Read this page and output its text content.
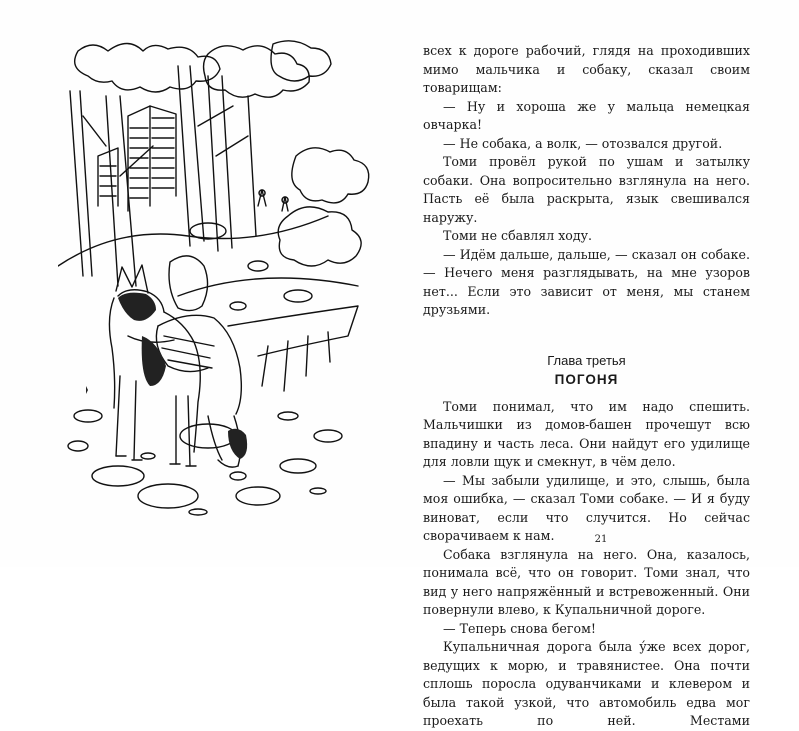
всех к дороге рабочий, глядя на проходивших мимо мальчика и собаку, сказал своим товарищам:

— Ну и хороша же у мальца немецкая овчарка!

— Не собака, а волк, — отозвался другой.

Томи провёл рукой по ушам и затылку собаки. Она вопросительно взглянула на него. Пасть её была раскрыта, язык свешивался наружу.

Томи не сбавлял ходу.

— Идём дальше, дальше, — сказал он собаке. — Нечего меня разглядывать, на мне узоров нет... Если это зависит от меня, мы станем друзьями.

Глава третья
ПОГОНЯ

Томи понимал, что им надо спешить. Мальчишки из домов-башен прочешут всю впадину и часть леса. Они найдут его удилище для ловли щук и смекнут, в чём дело.

— Мы забыли удилище, и это, слышь, была моя ошибка, — сказал Томи собаке. — И я буду виноват, если что случится. Но сейчас сворачиваем к нам.

Собака взглянула на него. Она, казалось, понимала всё, что он говорит. Томи знал, что вид у него напряжённый и встревоженный. Они повернули влево, к Купальничной дороге.

— Теперь снова бегом!

Купальничная дорога была у́же всех дорог, ведущих к морю, и травянистее. Она почти сплошь поросла одуванчиками и клевером и была такой узкой, что автомобиль едва мог проехать по ней. Местами

21
